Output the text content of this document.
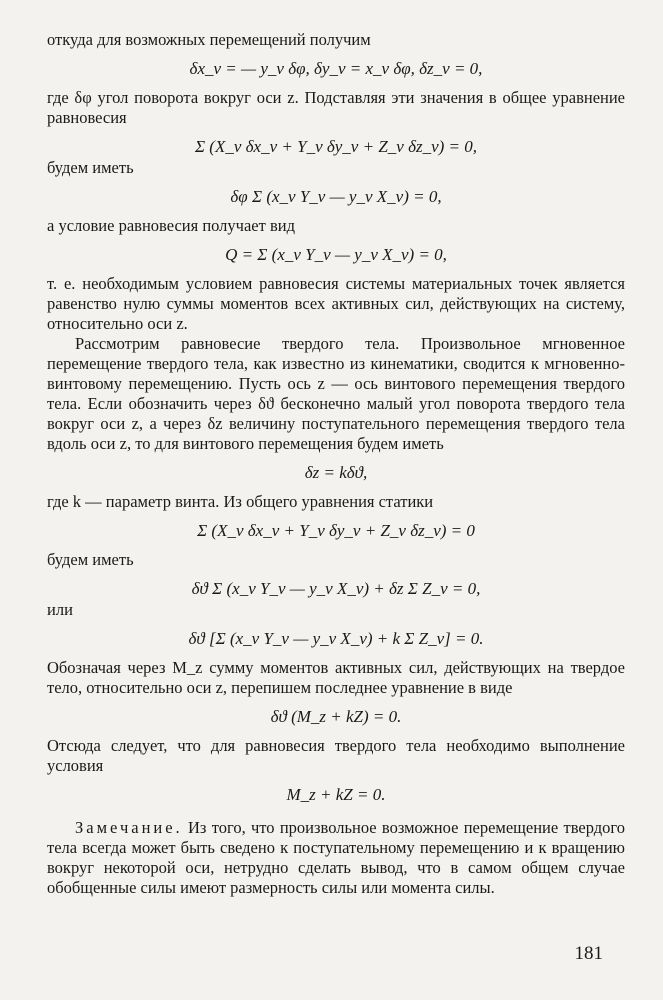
откуда для возможных перемещений получим

δx_ν = — y_ν δφ, δy_ν = x_ν δφ, δz_ν = 0,

где δφ угол поворота вокруг оси z. Подставляя эти значения в общее уравнение равновесия

Σ (X_ν δx_ν + Y_ν δy_ν + Z_ν δz_ν) = 0,

будем иметь

δφ Σ (x_ν Y_ν — y_ν X_ν) = 0,

а условие равновесия получает вид

Q = Σ (x_ν Y_ν — y_ν X_ν) = 0,

т. е. необходимым условием равновесия системы материальных точек является равенство нулю суммы моментов всех активных сил, действующих на систему, относительно оси z.

Рассмотрим равновесие твердого тела. Произвольное мгновенное перемещение твердого тела, как известно из кинематики, сводится к мгновенно-винтовому перемещению. Пусть ось z — ось винтового перемещения твердого тела. Если обозначить через δϑ бесконечно малый угол поворота твердого тела вокруг оси z, а через δz величину поступательного перемещения твердого тела вдоль оси z, то для винтового перемещения будем иметь

δz = kδϑ,

где k — параметр винта. Из общего уравнения статики

Σ (X_ν δx_ν + Y_ν δy_ν + Z_ν δz_ν) = 0

будем иметь

δϑ Σ (x_ν Y_ν — y_ν X_ν) + δz Σ Z_ν = 0,

или

δϑ [Σ (x_ν Y_ν — y_ν X_ν) + k Σ Z_ν] = 0.

Обозначая через M_z сумму моментов активных сил, действующих на твердое тело, относительно оси z, перепишем последнее уравнение в виде

δϑ (M_z + kZ) = 0.

Отсюда следует, что для равновесия твердого тела необходимо выполнение условия

M_z + kZ = 0.

Замечание. Из того, что произвольное возможное перемещение твердого тела всегда может быть сведено к поступательному перемещению и к вращению вокруг некоторой оси, нетрудно сделать вывод, что в самом общем случае обобщенные силы имеют размерность силы или момента силы.

181
